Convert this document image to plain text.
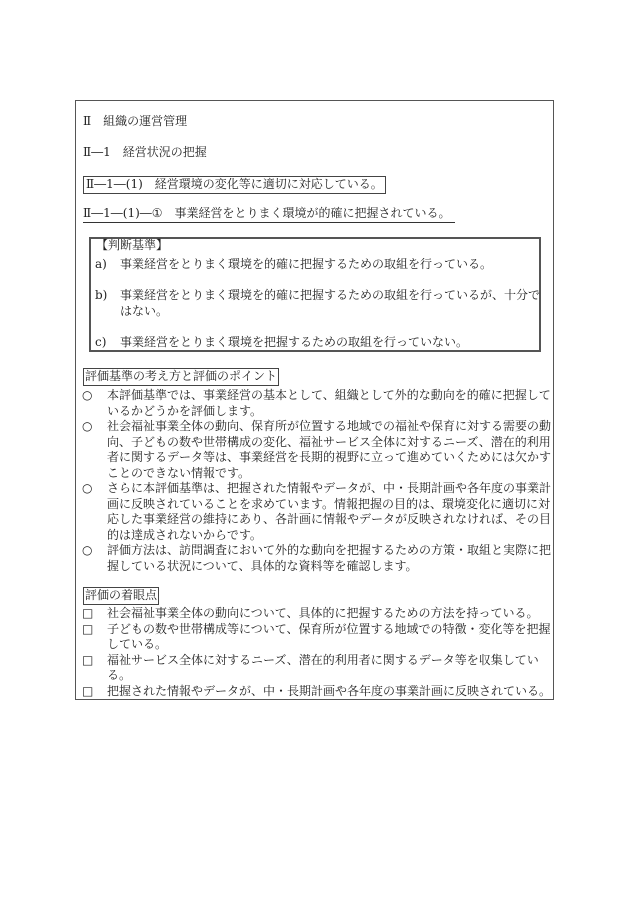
Ⅱ　組織の運営管理
Ⅱ―1　経営状況の把握
Ⅱ―1―(1)　経営環境の変化等に適切に対応している。
Ⅱ―1―(1)―①　事業経営をとりまく環境が的確に把握されている。
【判断基準】
a)	事業経営をとりまく環境を的確に把握するための取組を行っている。
b)	事業経営をとりまく環境を的確に把握するための取組を行っているが、十分で
はない。
c)	事業経営をとりまく環境を把握するための取組を行っていない。
評価基準の考え方と評価のポイント
○	本評価基準では、事業経営の基本として、組織として外的な動向を的確に把握して
いるかどうかを評価します。
○	社会福祉事業全体の動向、保育所が位置する地域での福祉や保育に対する需要の動
向、子どもの数や世帯構成の変化、福祉サービス全体に対するニーズ、潜在的利用
者に関するデータ等は、事業経営を長期的視野に立って進めていくためには欠かす
ことのできない情報です。
○	さらに本評価基準は、把握された情報やデータが、中・長期計画や各年度の事業計
画に反映されていることを求めています。情報把握の目的は、環境変化に適切に対
応した事業経営の維持にあり、各計画に情報やデータが反映されなければ、その目
的は達成されないからです。
○	評価方法は、訪問調査において外的な動向を把握するための方策・取組と実際に把
握している状況について、具体的な資料等を確認します。
評価の着眼点
□	社会福祉事業全体の動向について、具体的に把握するための方法を持っている。
□	子どもの数や世帯構成等について、保育所が位置する地域での特徴・変化等を把握
している。
□	福祉サービス全体に対するニーズ、潜在的利用者に関するデータ等を収集してい
る。
□	把握された情報やデータが、中・長期計画や各年度の事業計画に反映されている。
